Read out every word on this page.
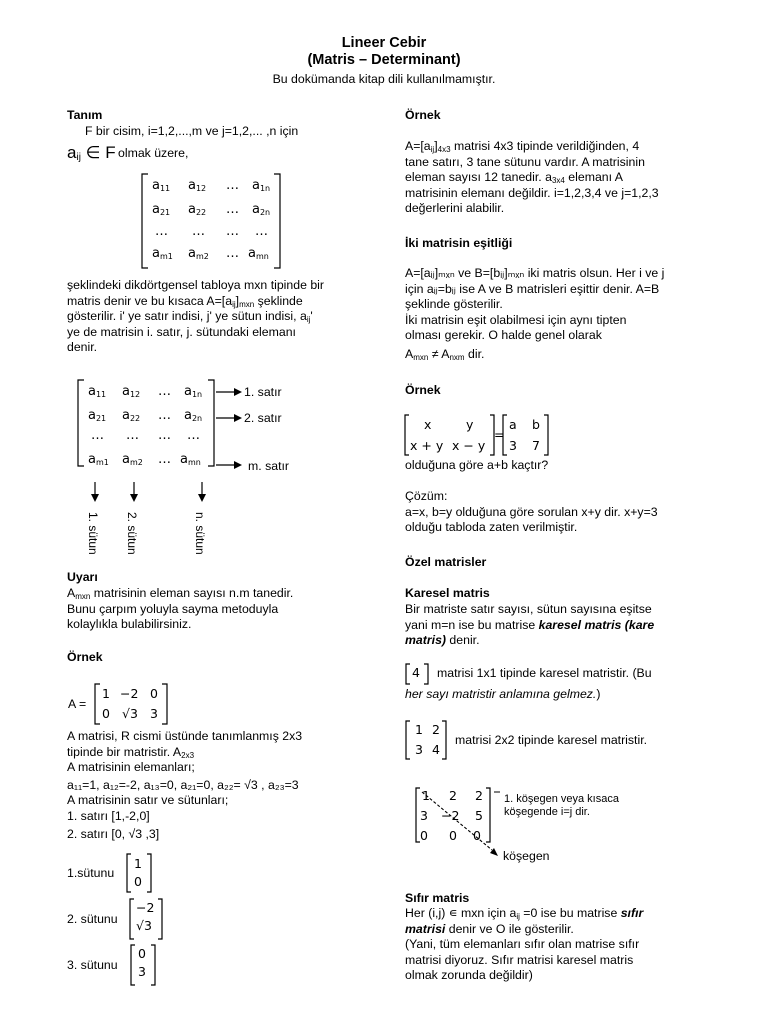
Lineer Cebir
(Matris – Determinant)
Bu dokümanda kitap dili kullanılmamıştır.
Tanım
F bir cisim, i=1,2,...,m ve j=1,2,... ,n için
$a_{ij}$ ∈ F olmak üzere,
$a_{11}$ $a_{12}$ … $a_{1n}$
$a_{21}$ $a_{22}$ … $a_{2n}$
… … … …
$a_{m1}$ $a_{m2}$ … $a_{mn}$
şeklindeki dikdörtgensel tabloya mxn tipinde bir
matris denir ve bu kısaca $A=[a_{ij}]_{mxn}$ şeklinde
gösterilir. i' ye satır indisi, j' ye sütun indisi, $a_{ij}'$
ye de matrisin i. satır, j. sütundaki elemanı
denir.
$a_{11}$ $a_{12}$ … $a_{1n}$
$a_{21}$ $a_{22}$ … $a_{2n}$
… … … …
$a_{m1}$ $a_{m2}$ … $a_{mn}$
1. satır
2. satır
m. satır
1. sütun 2. sütun	n. sütun
Uyarı
$A_{mxn}$ matrisinin eleman sayısı n.m tanedir.
Bunu çarpım yoluyla sayma metoduyla
kolaylıkla bulabilirsiniz.
Örnek
A =
1 −2 0
0 √3 3
A matrisi, R cismi üstünde tanımlanmış 2x3
tipinde bir matristir. $A_{2x3}$
A matrisinin elemanları;
a₁₁=1, a₁₂=-2, a₁₃=0, a₂₁=0, a₂₂= √3 , a₂₃=3
A matrisinin satır ve sütunları;
1. satırı [1,-2,0]
2. satırı [0, √3 ,3]
1.sütunu
1
0
2. sütunu
−2
√3
3. sütunu
0
3
Örnek
$A=[a_{ij}]_{4x3}$ matrisi 4x3 tipinde verildiğinden, 4
tane satırı, 3 tane sütunu vardır. A matrisinin
eleman sayısı 12 tanedir. $a_{3x4}$ elemanı A
matrisinin elemanı değildir. i=1,2,3,4 ve j=1,2,3
değerlerini alabilir.
İki matrisin eşitliği
A=[aᵢⱼ]ₘₓₙ ve B=[bᵢⱼ]ₘₓₙ iki matris olsun. Her i ve j
için aᵢⱼ=bᵢⱼ ise A ve B matrisleri eşittir denir. A=B
şeklinde gösterilir.
İki matrisin eşit olabilmesi için aynı tipten
olması gerekir. O halde genel olarak
$A_{mxn} \ne A_{nxm}$ dir.
Örnek
x	y
x + y x − y
=
a b
3 7
olduğuna göre a+b kaçtır?
Çözüm:
a=x, b=y olduğuna göre sorulan x+y dir. x+y=3
olduğu tabloda zaten verilmiştir.
Özel matrisler
Karesel matris
Bir matriste satır sayısı, sütun sayısına eşitse
yani m=n ise bu matrise karesel matris (kare
matris) denir.
4 matrisi 1x1 tipinde karesel matristir. (Bu
her sayı matristir anlamına gelmez.)
1 2
3 4
matrisi 2x2 tipinde karesel matristir.
1 2 2
3 −2 5
0 0 0
1. köşegen veya kısaca
köşegende i=j dir.
köşegen
Sıfır matris
Her (i,j) ∊ mxn için $a_{ij} =0$ ise bu matrise sıfır
matrisi denir ve O ile gösterilir.
(Yani, tüm elemanları sıfır olan matrise sıfır
matrisi diyoruz. Sıfır matrisi karesel matris
olmak zorunda değildir)
